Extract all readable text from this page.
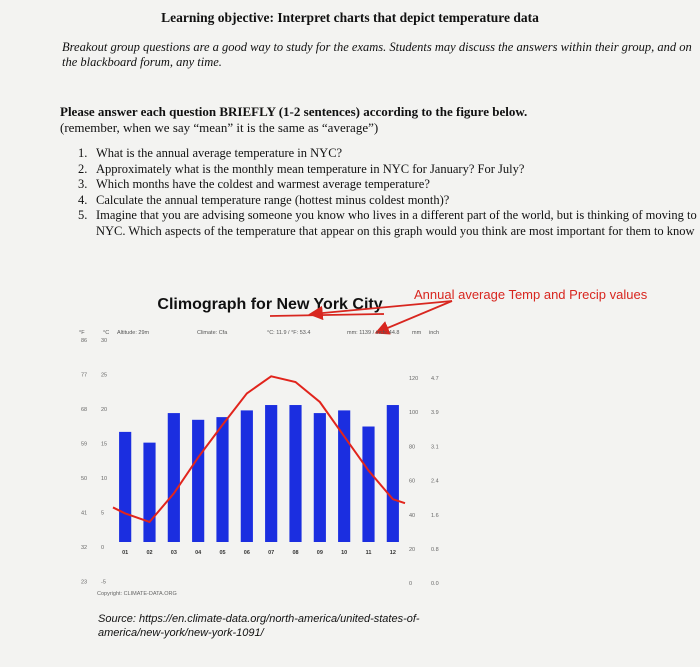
Learning objective: Interpret charts that depict temperature data
Breakout group questions are a good way to study for the exams. Students may discuss the answers within their group, and on the blackboard forum, any time.
Please answer each question BRIEFLY (1-2 sentences) according to the figure below.
(remember, when we say “mean” it is the same as “average”)
1. What is the annual average temperature in NYC?
2. Approximately what is the monthly mean temperature in NYC for January? For July?
3. Which months have the coldest and warmest average temperature?
4. Calculate the annual temperature range (hottest minus coldest month)?
5. Imagine that you are advising someone you know who lives in a different part of the world, but is thinking of moving to NYC. Which aspects of the temperature that appear on this graph would you think are most important for them to know
Climograph for New York City
Annual average Temp and Precip values
°F	°C Altitude: 29m	Climate: Cfa	°C: 11.9 / °F: 53.4	mm: 1139 / inch: 44.8 mm inch
86	30
77	25
68	20
59	15
50	10
41	5
32	0
23	-5
120 4.7
100 3.9
80	3.1
60	2.4
40	1.6
20	0.8
0	0.0
01	02	03	04	05	06	07	08	09	10	11	12
Copyright: CLIMATE-DATA.ORG
Source: https://en.climate-data.org/north-america/united-states-of-america/new-york/new-york-1091/
